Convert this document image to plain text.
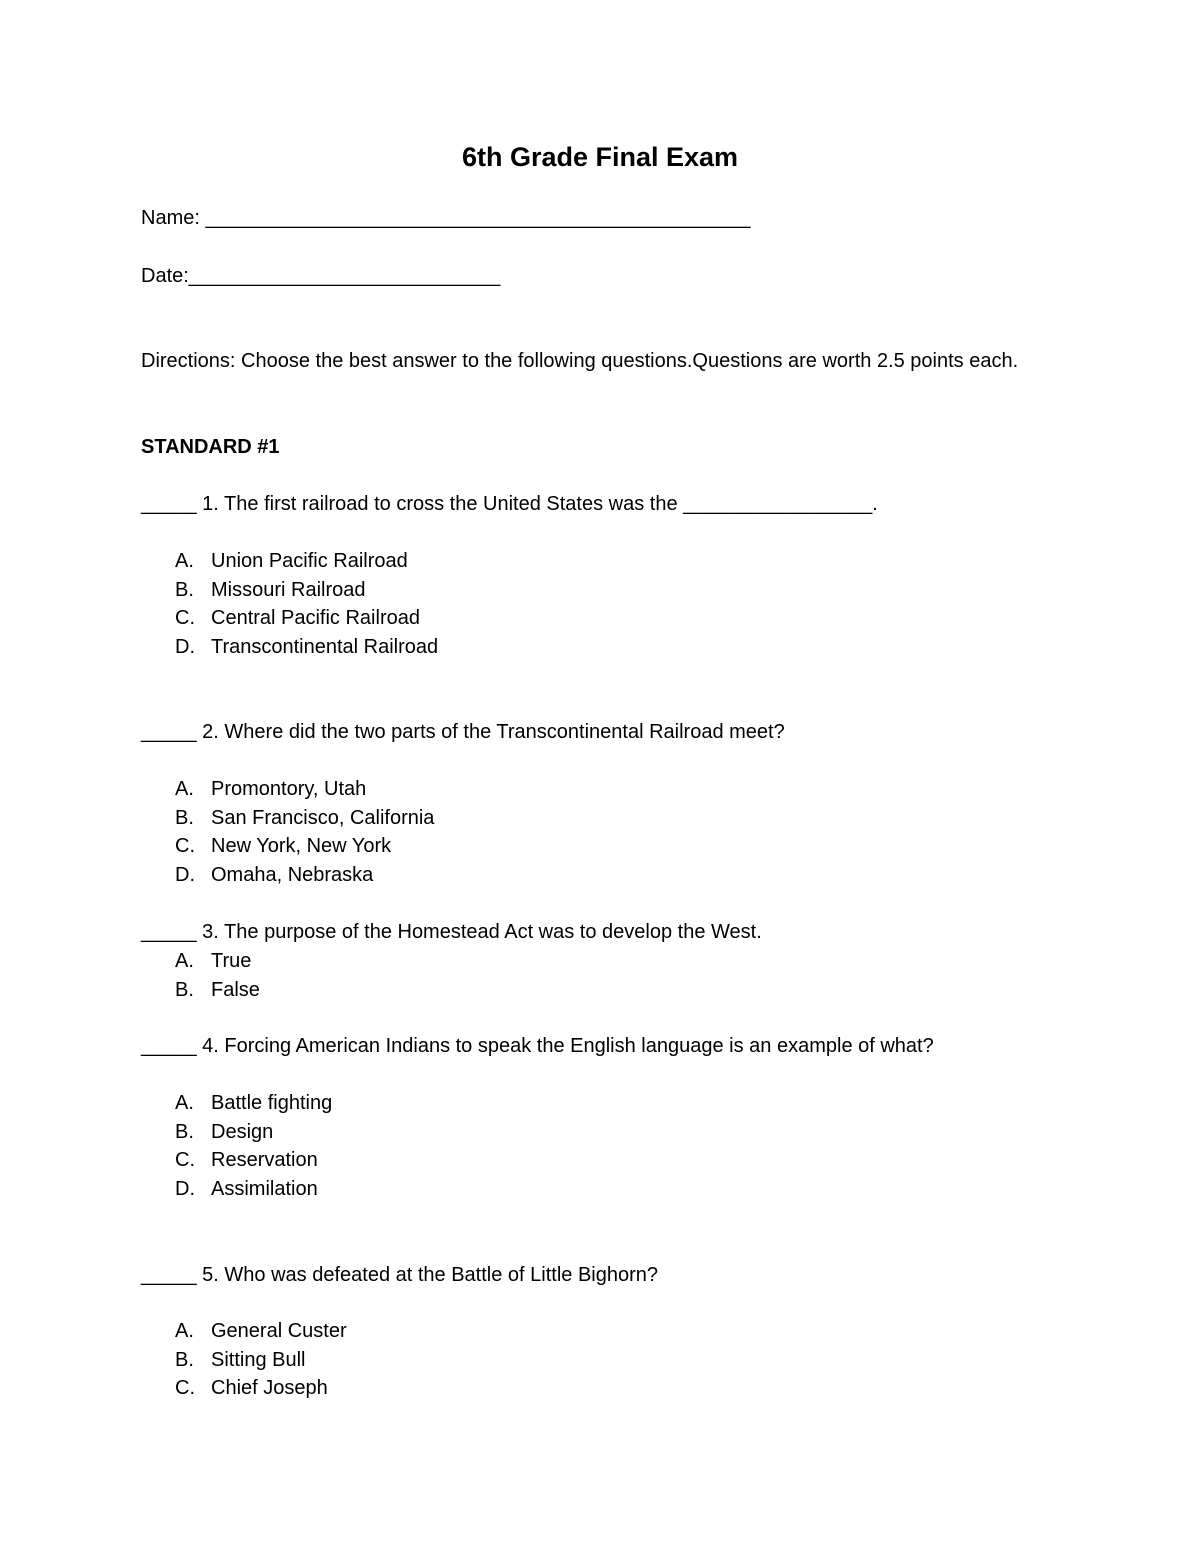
6th Grade Final Exam
Name: _________________________________________________
Date:____________________________
Directions: Choose the best answer to the following questions.Questions are worth 2.5 points each.
STANDARD #1
_____ 1. The first railroad to cross the United States was the _________________.
A. Union Pacific Railroad
B. Missouri Railroad
C. Central Pacific Railroad
D. Transcontinental Railroad
_____ 2. Where did the two parts of the Transcontinental Railroad meet?
A. Promontory, Utah
B. San Francisco, California
C. New York, New York
D. Omaha, Nebraska
_____ 3. The purpose of the Homestead Act was to develop the West.
A. True
B. False
_____ 4. Forcing American Indians to speak the English language is an example of what?
A. Battle fighting
B. Design
C. Reservation
D. Assimilation
_____ 5. Who was defeated at the Battle of Little Bighorn?
A. General Custer
B. Sitting Bull
C. Chief Joseph
